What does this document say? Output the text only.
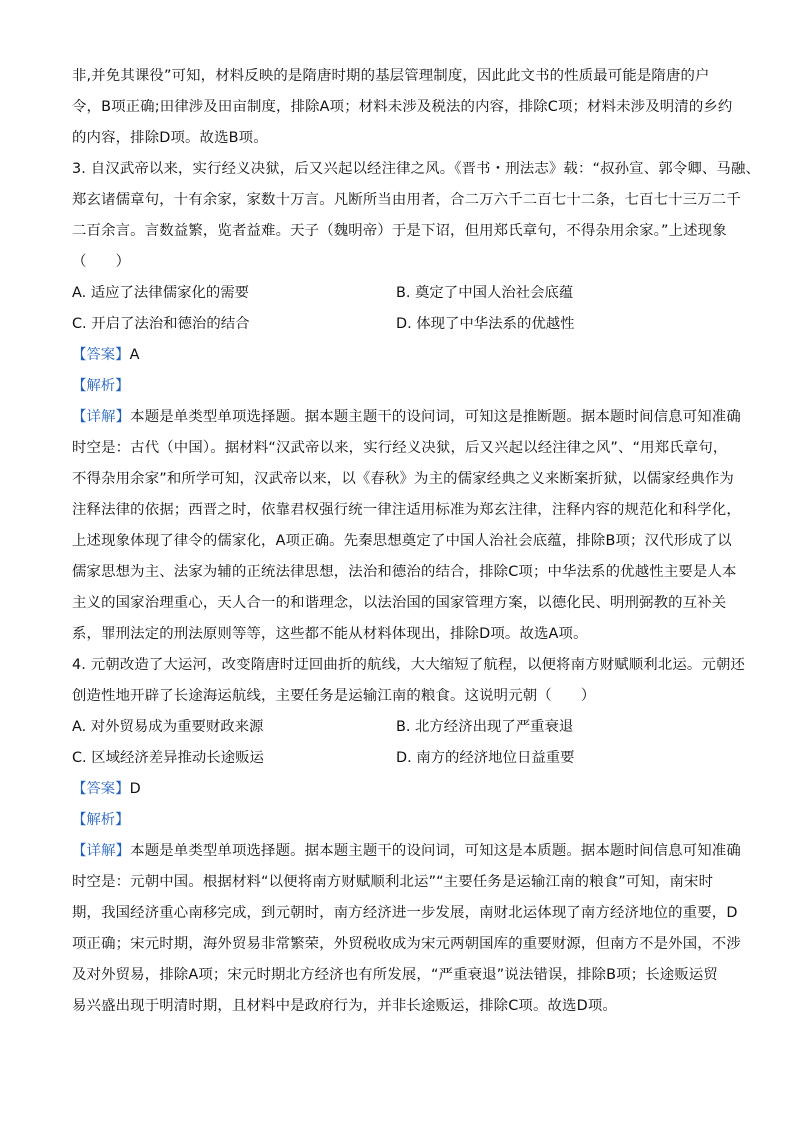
非,并免其课役”可知，材料反映的是隋唐时期的基层管理制度，因此此文书的性质最可能是隋唐的户
令，B项正确;田律涉及田亩制度，排除A项；材料未涉及税法的内容，排除C项；材料未涉及明清的乡约
的内容，排除D项。故选B项。
3. 自汉武帝以来，实行经义决狱，后又兴起以经注律之风。《晋书・刑法志》载：“叔孙宣、郭令卿、马融、
郑玄诸儒章句，十有余家，家数十万言。凡断所当由用者，合二万六千二百七十二条，七百七十三万二千
二百余言。言数益繁，览者益难。天子（魏明帝）于是下诏，但用郑氏章句，不得杂用余家。”上述现象
（　　）
A. 适应了法律儒家化的需要	B. 奠定了中国人治社会底蕴
C. 开启了法治和德治的结合	D. 体现了中华法系的优越性
【答案】A
【解析】
【详解】本题是单类型单项选择题。据本题主题干的设问词，可知这是推断题。据本题时间信息可知准确
时空是：古代（中国）。据材料“汉武帝以来，实行经义决狱，后又兴起以经注律之风”、“用郑氏章句，
不得杂用余家”和所学可知，汉武帝以来，以《春秋》为主的儒家经典之义来断案折狱，以儒家经典作为
注释法律的依据；西晋之时，依靠君权强行统一律注适用标准为郑玄注律，注释内容的规范化和科学化，
上述现象体现了律令的儒家化，A项正确。先秦思想奠定了中国人治社会底蕴，排除B项；汉代形成了以
儒家思想为主、法家为辅的正统法律思想，法治和德治的结合，排除C项；中华法系的优越性主要是人本
主义的国家治理重心，天人合一的和谐理念，以法治国的国家管理方案，以德化民、明刑弼教的互补关
系，罪刑法定的刑法原则等等，这些都不能从材料体现出，排除D项。故选A项。
4. 元朝改造了大运河，改变隋唐时迂回曲折的航线，大大缩短了航程，以便将南方财赋顺利北运。元朝还
创造性地开辟了长途海运航线，主要任务是运输江南的粮食。这说明元朝（　　）
A. 对外贸易成为重要财政来源	B. 北方经济出现了严重衰退
C. 区域经济差异推动长途贩运	D. 南方的经济地位日益重要
【答案】D
【解析】
【详解】本题是单类型单项选择题。据本题主题干的设问词，可知这是本质题。据本题时间信息可知准确
时空是：元朝中国。根据材料“以便将南方财赋顺利北运”“主要任务是运输江南的粮食”可知，南宋时
期，我国经济重心南移完成，到元朝时，南方经济进一步发展，南财北运体现了南方经济地位的重要，D
项正确；宋元时期，海外贸易非常繁荣，外贸税收成为宋元两朝国库的重要财源，但南方不是外国，不涉
及对外贸易，排除A项；宋元时期北方经济也有所发展，“严重衰退”说法错误，排除B项；长途贩运贸
易兴盛出现于明清时期，且材料中是政府行为，并非长途贩运，排除C项。故选D项。
